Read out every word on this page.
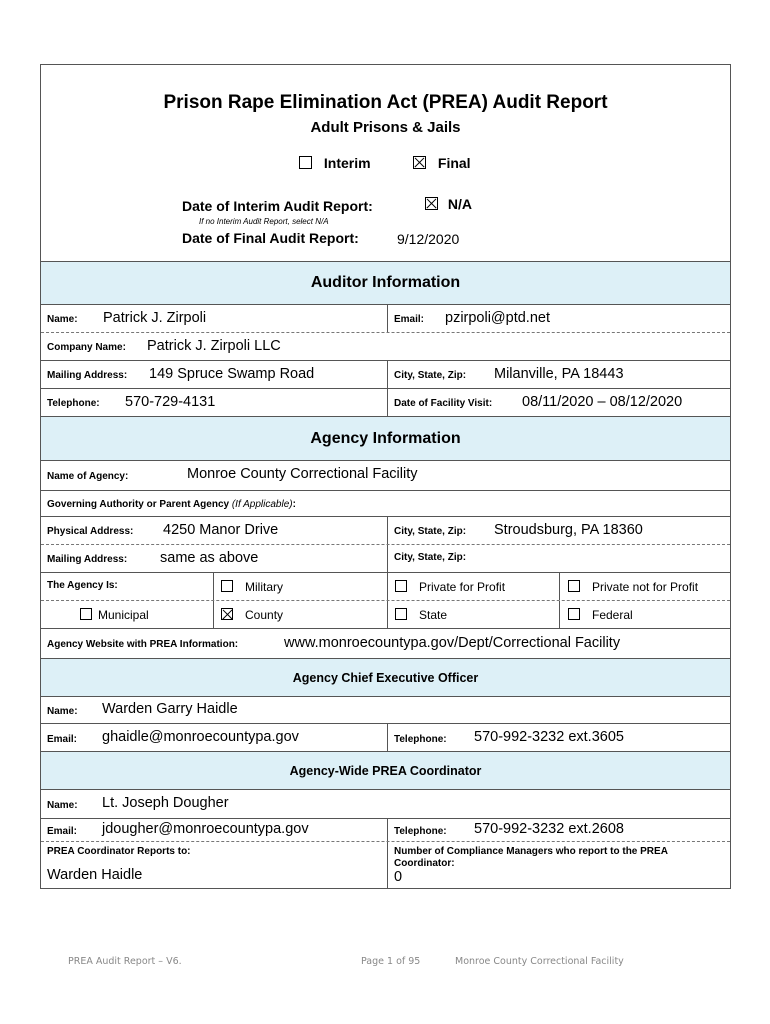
Prison Rape Elimination Act (PREA) Audit Report
Adult Prisons & Jails
Interim	Final
Date of Interim Audit Report:	N/A
If no Interim Audit Report, select N/A
Date of Final Audit Report:	9/12/2020
Auditor Information
Name: Patrick J. Zirpoli	Email: pzirpoli@ptd.net
Company Name: Patrick J. Zirpoli LLC
Mailing Address: 149 Spruce Swamp Road	City, State, Zip: Milanville, PA 18443
Telephone: 570-729-4131	Date of Facility Visit: 08/11/2020 – 08/12/2020
Agency Information
Name of Agency:	Monroe County Correctional Facility
Governing Authority or Parent Agency (If Applicable):
Physical Address: 4250 Manor Drive	City, State, Zip: Stroudsburg, PA 18360
Mailing Address: same as above	City, State, Zip:
The Agency Is:	Military	Private for Profit	Private not for Profit
Municipal	County	State	Federal
Agency Website with PREA Information:	www.monroecountypa.gov/Dept/Correctional Facility
Agency Chief Executive Officer
Name: Warden Garry Haidle
Email: ghaidle@monroecountypa.gov	Telephone: 570-992-3232 ext.3605
Agency-Wide PREA Coordinator
Name: Lt. Joseph Dougher
Email: jdougher@monroecountypa.gov	Telephone: 570-992-3232 ext.2608
PREA Coordinator Reports to:
Warden Haidle
Number of Compliance Managers who report to the PREA
Coordinator:
0
PREA Audit Report – V6.	Page 1 of 95	Monroe County Correctional Facility
